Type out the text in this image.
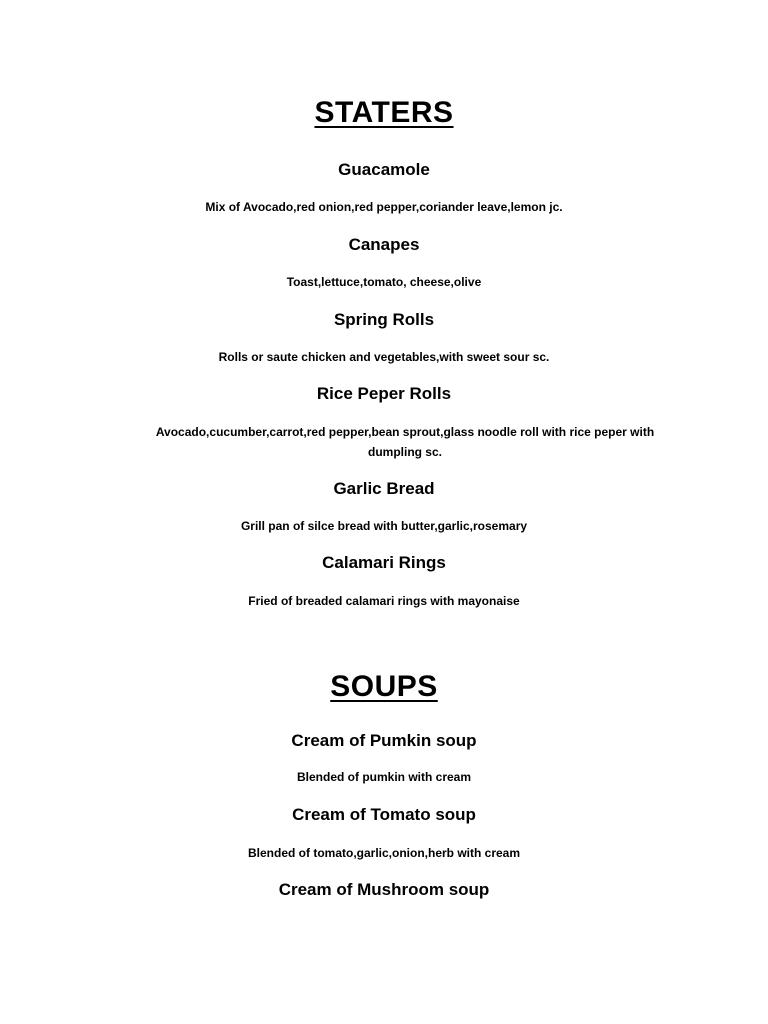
STATERS
Guacamole
Mix of Avocado,red onion,red pepper,coriander leave,lemon jc.
Canapes
Toast,lettuce,tomato, cheese,olive
Spring Rolls
Rolls or saute chicken and vegetables,with sweet sour sc.
Rice Peper Rolls
Avocado,cucumber,carrot,red pepper,bean sprout,glass noodle roll with rice peper with dumpling sc.
Garlic Bread
Grill pan of silce bread with butter,garlic,rosemary
Calamari Rings
Fried of breaded calamari rings with mayonaise
SOUPS
Cream of Pumkin soup
Blended of pumkin with cream
Cream of Tomato soup
Blended of tomato,garlic,onion,herb with cream
Cream of Mushroom soup
